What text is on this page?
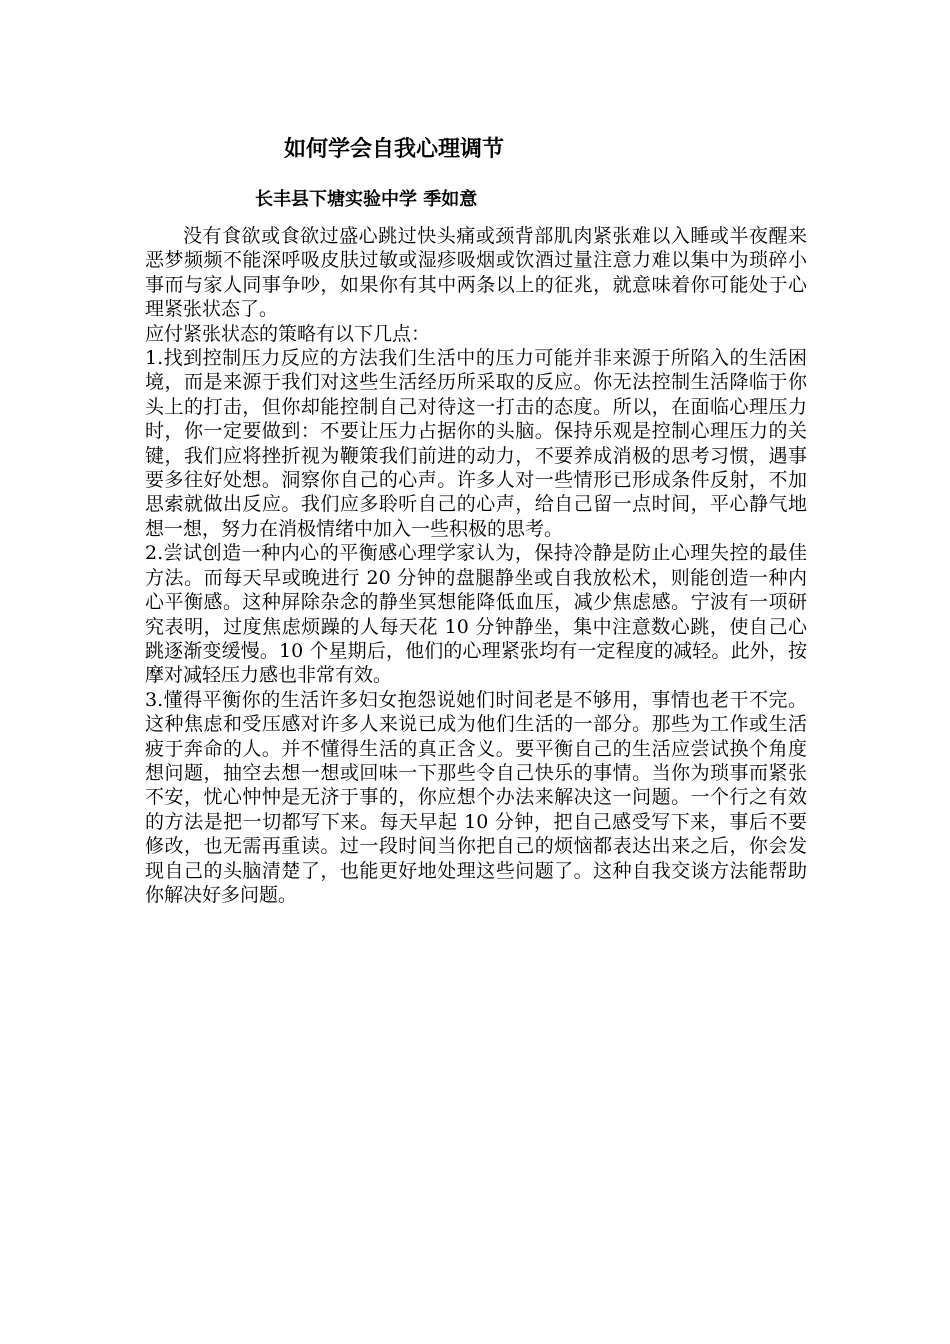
如何学会自我心理调节
长丰县下塘实验中学 季如意

没有食欲或食欲过盛心跳过快头痛或颈背部肌肉紧张难以入睡或半夜醒来恶梦频频不能深呼吸皮肤过敏或湿疹吸烟或饮酒过量注意力难以集中为琐碎小事而与家人同事争吵，如果你有其中两条以上的征兆，就意味着你可能处于心理紧张状态了。

应付紧张状态的策略有以下几点：

1.找到控制压力反应的方法我们生活中的压力可能并非来源于所陷入的生活困境，而是来源于我们对这些生活经历所采取的反应。你无法控制生活降临于你头上的打击，但你却能控制自己对待这一打击的态度。所以，在面临心理压力时，你一定要做到：不要让压力占据你的头脑。保持乐观是控制心理压力的关键，我们应将挫折视为鞭策我们前进的动力，不要养成消极的思考习惯，遇事要多往好处想。洞察你自己的心声。许多人对一些情形已形成条件反射，不加思索就做出反应。我们应多聆听自己的心声，给自己留一点时间，平心静气地想一想，努力在消极情绪中加入一些积极的思考。

2.尝试创造一种内心的平衡感心理学家认为，保持冷静是防止心理失控的最佳方法。而每天早或晚进行 20 分钟的盘腿静坐或自我放松术，则能创造一种内心平衡感。这种屏除杂念的静坐冥想能降低血压，减少焦虑感。宁波有一项研究表明，过度焦虑烦躁的人每天花 10 分钟静坐，集中注意数心跳，使自己心跳逐渐变缓慢。10 个星期后，他们的心理紧张均有一定程度的减轻。此外，按摩对减轻压力感也非常有效。

3.懂得平衡你的生活许多妇女抱怨说她们时间老是不够用，事情也老干不完。这种焦虑和受压感对许多人来说已成为他们生活的一部分。那些为工作或生活疲于奔命的人。并不懂得生活的真正含义。要平衡自己的生活应尝试换个角度想问题，抽空去想一想或回味一下那些令自己快乐的事情。当你为琐事而紧张不安，忧心忡忡是无济于事的，你应想个办法来解决这一问题。一个行之有效的方法是把一切都写下来。每天早起 10 分钟，把自己感受写下来，事后不要修改，也无需再重读。过一段时间当你把自己的烦恼都表达出来之后，你会发现自己的头脑清楚了，也能更好地处理这些问题了。这种自我交谈方法能帮助你解决好多问题。
